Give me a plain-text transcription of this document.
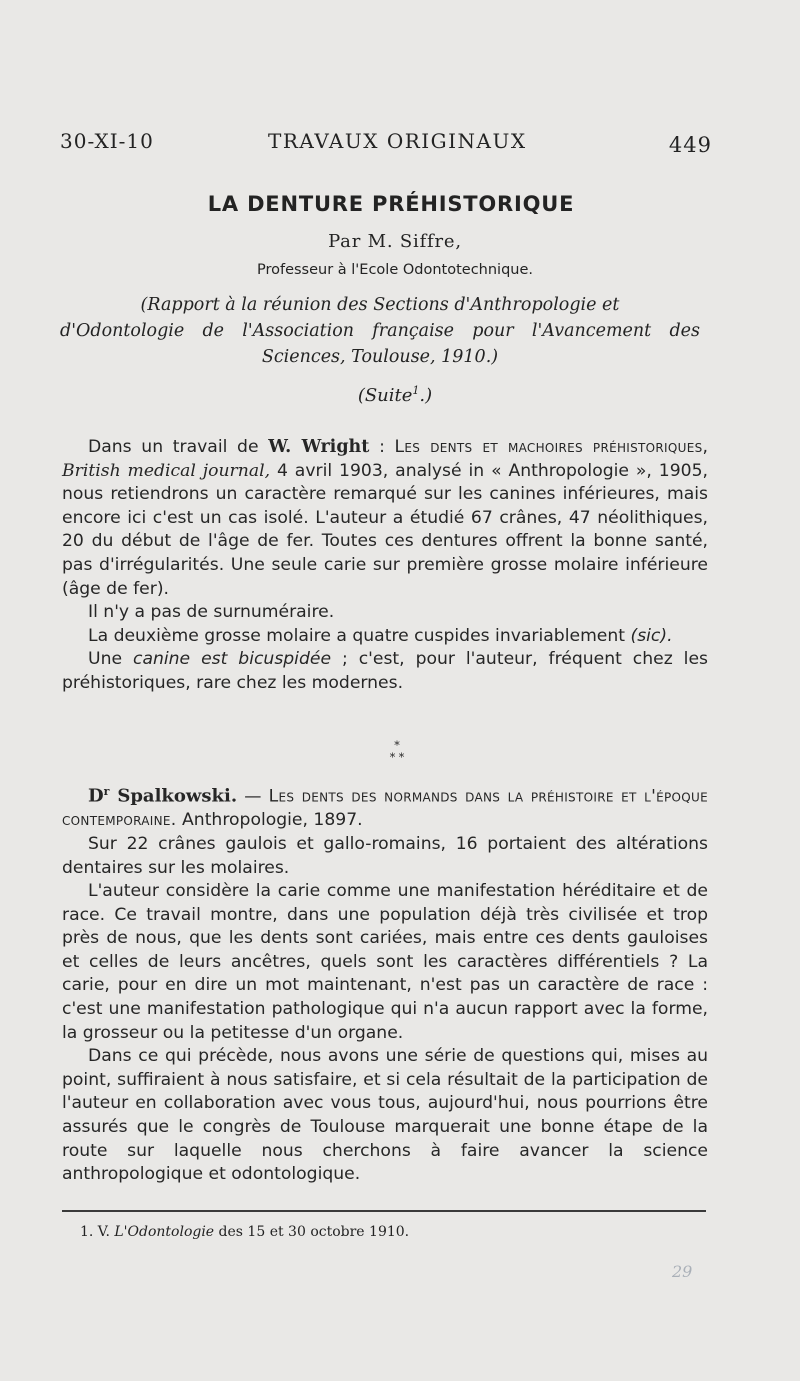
30-XI-10	TRAVAUX ORIGINAUX	449
LA DENTURE PRÉHISTORIQUE
Par M. Siffre,
Professeur à l'Ecole Odontotechnique.
(Rapport à la réunion des Sections d'Anthropologie et
d'Odontologie de l'Association française pour l'Avancement des
Sciences, Toulouse, 1910.)
(Suite$^1$.)

Dans un travail de W. Wright : Les dents et machoires préhistoriques, British medical journal, 4 avril 1903, analysé in « Anthropologie », 1905, nous retiendrons un caractère remarqué sur les canines inférieures, mais encore ici c'est un cas isolé. L'auteur a étudié 67 crânes, 47 néolithiques, 20 du début de l'âge de fer. Toutes ces dentures offrent la bonne santé, pas d'irrégularités. Une seule carie sur première grosse molaire inférieure (âge de fer).

Il n'y a pas de surnuméraire.

La deuxième grosse molaire a quatre cuspides invariablement (sic).

Une canine est bicuspidée ; c'est, pour l'auteur, fréquent chez les préhistoriques, rare chez les modernes.

*
* *

$D^r$ Spalkowski. — Les dents des normands dans la préhistoire et l'époque contemporaine. Anthropologie, 1897.

Sur 22 crânes gaulois et gallo-romains, 16 portaient des altérations dentaires sur les molaires.

L'auteur considère la carie comme une manifestation héréditaire et de race. Ce travail montre, dans une population déjà très civilisée et trop près de nous, que les dents sont cariées, mais entre ces dents gauloises et celles de leurs ancêtres, quels sont les caractères différentiels ? La carie, pour en dire un mot maintenant, n'est pas un caractère de race : c'est une manifestation pathologique qui n'a aucun rapport avec la forme, la grosseur ou la petitesse d'un organe.

Dans ce qui précède, nous avons une série de questions qui, mises au point, suffiraient à nous satisfaire, et si cela résultait de la participation de l'auteur en collaboration avec vous tous, aujourd'hui, nous pourrions être assurés que le congrès de Toulouse marquerait une bonne étape de la route sur laquelle nous cherchons à faire avancer la science anthropologique et odontologique.

1. V. L'Odontologie des 15 et 30 octobre 1910.
29
